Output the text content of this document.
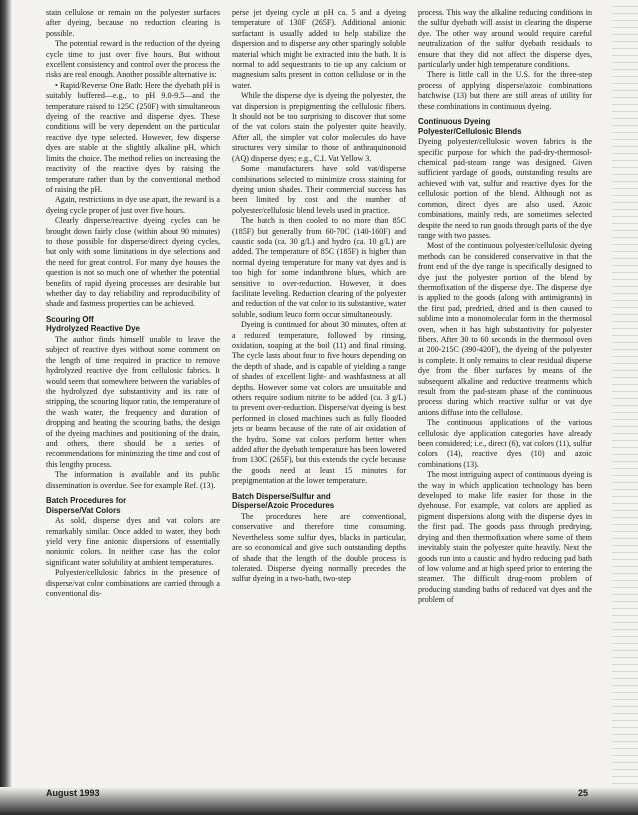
stain cellulose or remain on the polyester surfaces after dyeing, because no reduction clearing is possible.

The potential reward is the reduction of the dyeing cycle time to just over five hours. But without excellent consistency and control over the process the risks are real enough. Another possible alternative is:

• Rapid/Reverse One Bath: Here the dyebath pH is suitably buffered—e.g., to pH 9.0-9.5—and the temperature raised to 125C (250F) with simultaneous dyeing of the reactive and disperse dyes. These conditions will be very dependent on the particular reactive dye type selected. However, few disperse dyes are stable at the slightly alkaline pH, which limits the choice. The method relies on increasing the reactivity of the reactive dyes by raising the temperature rather than by the conventional method of raising the pH.

Again, restrictions in dye use apart, the reward is a dyeing cycle proper of just over five hours.

Clearly disperse/reactive dyeing cycles can be brought down fairly close (within about 90 minutes) to those possible for disperse/direct dyeing cycles, but only with some limitations in dye selections and the need for great control. For many dye houses the question is not so much one of whether the potential benefits of rapid dyeing processes are desirable but whether day to day reliability and reproducibility of shade and fastness properties can be achieved.

Scouring Off
Hydrolyzed Reactive Dye

The author finds himself unable to leave the subject of reactive dyes without some comment on the length of time required in practice to remove hydrolyzed reactive dye from cellulosic fabrics. It would seem that somewhere between the variables of the hydrolyzed dye substantivity and its rate of stripping, the scouring liquor ratio, the temperature of the wash water, the frequency and duration of dropping and heating the scouring baths, the design of the dyeing machines and positioning of the drain, and others, there should be a series of recommendations for minimizing the time and cost of this lengthy process.

The information is available and its public dissemination is overdue. See for example Ref. (13).

Batch Procedures for
Disperse/Vat Colors

As sold, disperse dyes and vat colors are remarkably similar. Once added to water, they both yield very fine anionic dispersions of essentially nonionic colors. In neither case has the color significant water solubility at ambient temperatures.

Polyester/cellulosic fabrics in the presence of disperse/vat color combinations are carried through a conventional dis-

perse jet dyeing cycle at pH ca. 5 and a dyeing temperature of 130F (265F). Additional anionic surfactant is usually added to help stabilize the dispersion and to disperse any other sparingly soluble material which might be extracted into the bath. It is normal to add sequestrants to tie up any calcium or magnesium salts present in cotton cellulose or in the water.

While the disperse dye is dyeing the polyester, the vat dispersion is prepigmenting the cellulosic fibers. It should not be too surprising to discover that some of the vat colors stain the polyester quite heavily. After all, the simpler vat color molecules do have structures very similar to those of anthraquinonoid (AQ) disperse dyes; e.g., C.I. Vat Yellow 3.

Some manufacturers have sold vat/disperse combinations selected to minimize cross staining for dyeing union shades. Their commercial success has been limited by cost and the number of polyester/cellulosic blend levels used in practice.

The batch is then cooled to no more than 85C (185F) but generally from 60-70C (140-160F) and caustic soda (ca. 30 g/L) and hydro (ca. 10 g/L) are added. The temperature of 85C (185F) is higher than normal dyeing temperature for many vat dyes and is too high for some indanthrone blues, which are sensitive to over-reduction. However, it does facilitate leveling. Reduction clearing of the polyester and reduction of the vat color to its substantive, water soluble, sodium leuco form occur simultaneously.

Dyeing is continued for about 30 minutes, often at a reduced temperature, followed by rinsing, oxidation, soaping at the boil (11) and final rinsing. The cycle lasts about four to five hours depending on the depth of shade, and is capable of yielding a range of shades of excellent light- and washfastness at all depths. However some vat colors are unsuitable and others require sodium nitrite to be added (ca. 3 g/L) to prevent over-reduction. Disperse/vat dyeing is best performed in closed machines such as fully flooded jets or beams because of the rate of air oxidation of the hydro. Some vat colors perform better when added after the dyebath temperature has been lowered from 130C (265F), but this extends the cycle because the goods need at least 15 minutes for prepigmentation at the lower temperature.

Batch Disperse/Sulfur and
Disperse/Azoic Procedures

The procedures here are conventional, conservative and therefore time consuming. Nevertheless some sulfur dyes, blacks in particular, are so economical and give such outstanding depths of shade that the length of the double process is tolerated. Disperse dyeing normally precedes the sulfur dyeing in a two-bath, two-step

process. This way the alkaline reducing conditions in the sulfur dyebath will assist in clearing the disperse dye. The other way around would require careful neutralization of the sulfur dyebath residuals to ensure that they did not affect the disperse dyes, particularly under high temperature conditions.

There is little call in the U.S. for the three-step process of applying disperse/azoic combinations batchwise (13) but there are still areas of utility for these combinations in continuous dyeing.

Continuous Dyeing
Polyester/Cellulosic Blends

Dyeing polyester/cellulosic woven fabrics is the specific purpose for which the pad-dry-thermosol-chemical pad-steam range was designed. Given sufficient yardage of goods, outstanding results are achieved with vat, sulfur and reactive dyes for the cellulosic portion of the blend. Although not as common, direct dyes are also used. Azoic combinations, mainly reds, are sometimes selected despite the need to run goods through parts of the dye range with two passes.

Most of the continuous polyester/cellulosic dyeing methods can be considered conservative in that the front end of the dye range is specifically designed to dye just the polyester portion of the blend by thermofixation of the disperse dye. The disperse dye is applied to the goods (along with antimigrants) in the first pad, predried, dried and is then caused to sublime into a monomolecular form in the thermosol oven, when it has high substantivity for polyester fibers. After 30 to 60 seconds in the thermosol oven at 200-215C (390-420F), the dyeing of the polyester is complete. It only remains to clear residual disperse dye from the fiber surfaces by means of the subsequent alkaline and reductive treatments which result from the pad-steam phase of the continuous process during which reactive sulfur or vat dye anions diffuse into the cellulose.

The continuous applications of the various cellulosic dye application categories have already been considered; i.e., direct (6), vat colors (11), sulfur colors (14), reactive dyes (10) and azoic combinations (13).

The most intriguing aspect of continuous dyeing is the way in which application technology has been developed to make life easier for those in the dyehouse. For example, vat colors are applied as pigment dispersions along with the disperse dyes in the first pad. The goods pass through predrying, drying and then thermofixation where some of them inevitably stain the polyester quite heavily. Next the goods run into a caustic and hydro reducing pad bath of low volume and at high speed prior to entering the steamer. The difficult drug-room problem of producing standing baths of reduced vat dyes and the problem of

August 1993	25
